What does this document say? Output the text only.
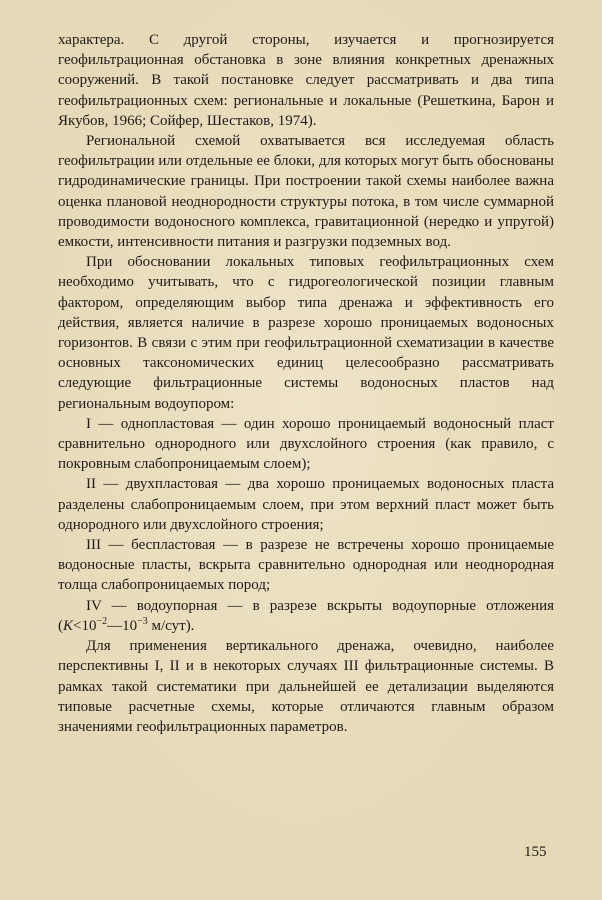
характера. С другой стороны, изучается и прогнозируется геофильтрационная обстановка в зоне влияния конкретных дренажных сооружений. В такой постановке следует рассматривать и два типа геофильтрационных схем: региональные и локальные (Решеткина, Барон и Якубов, 1966; Сойфер, Шестаков, 1974).

Региональной схемой охватывается вся исследуемая область геофильтрации или отдельные ее блоки, для которых могут быть обоснованы гидродинамические границы. При построении такой схемы наиболее важна оценка плановой неоднородности структуры потока, в том числе суммарной проводимости водоносного комплекса, гравитационной (нередко и упругой) емкости, интенсивности питания и разгрузки подземных вод.

При обосновании локальных типовых геофильтрационных схем необходимо учитывать, что с гидрогеологической позиции главным фактором, определяющим выбор типа дренажа и эффективность его действия, является наличие в разрезе хорошо проницаемых водоносных горизонтов. В связи с этим при геофильтрационной схематизации в качестве основных таксономических единиц целесообразно рассматривать следующие фильтрационные системы водоносных пластов над региональным водоупором:

I — однопластовая — один хорошо проницаемый водоносный пласт сравнительно однородного или двухслойного строения (как правило, с покровным слабопроницаемым слоем);

II — двухпластовая — два хорошо проницаемых водоносных пласта разделены слабопроницаемым слоем, при этом верхний пласт может быть однородного или двухслойного строения;

III — беспластовая — в разрезе не встречены хорошо проницаемые водоносные пласты, вскрыта сравнительно однородная или неоднородная толща слабопроницаемых пород;

IV — водоупорная — в разрезе вскрыты водоупорные отложения ($K<10^{-2}—10^{-3}$ м/сут).

Для применения вертикального дренажа, очевидно, наиболее перспективны I, II и в некоторых случаях III фильтрационные системы. В рамках такой систематики при дальнейшей ее детализации выделяются типовые расчетные схемы, которые отличаются главным образом значениями геофильтрационных параметров.

155
